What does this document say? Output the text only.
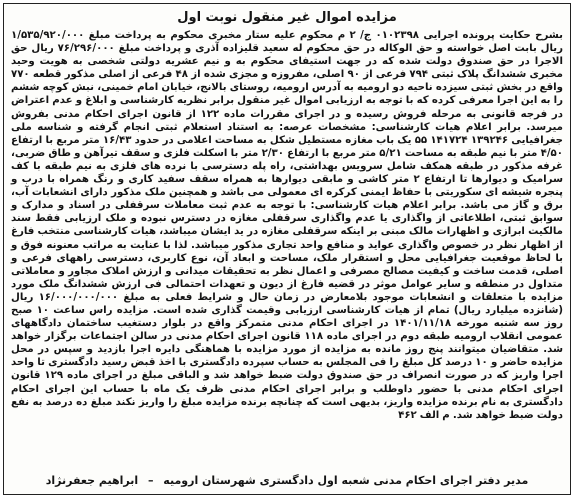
مزایده اموال غیر منقول نوبت اول

بشرح حکایت پرونده اجرایی ۰۱۰۲۳۹۸ ج/ ۲ م محکوم علیه ستار مخبری محکوم به پرداخت مبلغ ۱/۵۳۵/۹۲۰/۰۰۰ ریال بابت اصل خواسته و حق الوکاله در حق محکوم له سعید قلیزاده آذری و پرداخت مبلغ ۷۶/۲۹۶/۰۰۰ ریال حق الاجرا در حق صندوق دولت شده که در جهت استیفای محکوم به و نیم عشریه دولتی شخصی به هویت وحید مخبری ششدانگ پلاک ثبتی ۷۹۴ فرعی از ۹۰ اصلی، مفروزه و مجزی شده از ۴۸ فرعی از اصلی مذکور قطعه ۷۷۰ واقع در بخش ثبتی سیزده ناحیه دو ارومیه به آدرس ارومیه، روستای بالانج، خیابان امام خمینی، نبش کوچه ششم را به این اجرا معرفی کرده که با توجه به ارزیابی اموال غیر منقول برابر نظریه کارشناسی و ابلاغ و عدم اعتراض در فرجه قانونی به مرحله فروش رسیده و در اجرای مقررات ماده ۱۲۲ از قانون اجرای احکام مدنی بفروش میرسد. برابر اعلام هیات کارشناسی: مشخصات عرصه: به استناد استعلام ثبتی انجام گرفته و شناسه ملی جغرافیایی ۱۳۹۲۴۶ ۱۴۱۷۲۴ ۵۵ یک باب مغازه مستطیل شکل به مساحت اعلامی در حدود ۱۶/۴۳ متر مربع با ارتفاع ۴/۵۰ متر با نیم طبقه به مساحت ۵/۲۱ متر مربع با ارتفاع ۲/۳۰ متر با اسکلت فلزی و سقف تیرآهن و طاق ضربی، غرفه مذکور در طبقه همکف شامل سرویس بهداشتی، راه پله دسترسی با نرده های فلزی به نیم طبقه با کف سرامیک و دیوارها تا ارتفاع ۲ متر کاشی و مابقی دیوارها به همراه سقف سفید کاری و رنگ همراه با درب و پنجره شیشه ای سکوریتی با حفاظ ایمنی کرکره ای معمولی می باشد و همچنین ملک مذکور دارای انشعابات آب، برق و گاز می باشد. برابر اعلام هیات کارشناسی: با توجه به عدم ثبت معاملات سرقفلی در اسناد و مدارک و سوابق ثبتی، اطلاعاتی از واگذاری یا عدم واگذاری سرقفلی مغازه در دسترس نبوده و ملک ارزیابی فقط سند مالکیت ابرازی و اظهارات مالک مبنی بر اینکه سرقفلی مغازه در ید ایشان میباشد، هیات کارشناسی منتخب فارغ از اظهار نظر در خصوص واگذاری عواید و منافع واحد تجاری مذکور میباشد. لذا با عنایت به مراتب معنونه فوق و با لحاظ موقعیت جغرافیایی محل و استقرار ملک، مساحت و ابعاد آن، نوع کاربری، دسترسی راههای فرعی و اصلی، قدمت ساخت و کیفیت مصالح مصرفی و اعمال نظر به تحقیقات میدانی و ارزش املاک مجاور و معاملاتی متداول در منطقه و سایر عوامل موثر در قضیه فارغ از دیون و تعهدات احتمالی فی ارزش ششدانگ ملک مورد مزایده با متعلقات و انشعابات موجود بلامعارض در زمان حال و شرایط فعلی به مبلغ ۱۶/۰۰۰/۰۰۰/۰۰۰ ریال (شانزده میلیارد ریال) تمام از هیات کارشناسی ارزیابی وقیمت گذاری شده است. مزایده راس ساعت ۱۰ صبح روز سه شنبه مورخه ۱۴۰۱/۱۱/۱۸ در اجرای احکام مدنی متمرکز واقع در بلوار دستغیب ساختمان دادگاههای عمومی انقلاب ارومیه طبقه دوم در اجرای ماده ۱۱۸ قانون اجرای احکام مدنی در سالن اجتماعات برگزار خواهد شد. متقاضیان میتوانند پنج روز مانده به مزایده از مورد مزایده با هماهنگی دایره اجرا بازدید و سپس در محل مزایده حاضر و ۱۰ درصد کل مبلغ را فی المجلس به حساب سپرده دادگستری با اخذ قبض رسید دادگستری تا واحد اجرا واریز که در صورت انصراف در حق صندوق دولت ضبط خواهد شد و الباقی مبلغ در اجرای ماده ۱۲۹ قانون اجرای احکام مدنی با حضور داوطلب و برابر اجرای احکام مدنی ظرف یک ماه با حساب این اجرای احکام دادگستری به نام برنده مزایده واریز، بدیهی است که چنانچه برنده مزایده مبلغ را واریز نکند مبلغ ده درصد به نفع دولت ضبط خواهد شد. م الف ۴۶۲

مدیر دفتر اجرای احکام مدنی شعبه اول دادگستری شهرستان ارومیه – ابراهیم جعفرنژاد
